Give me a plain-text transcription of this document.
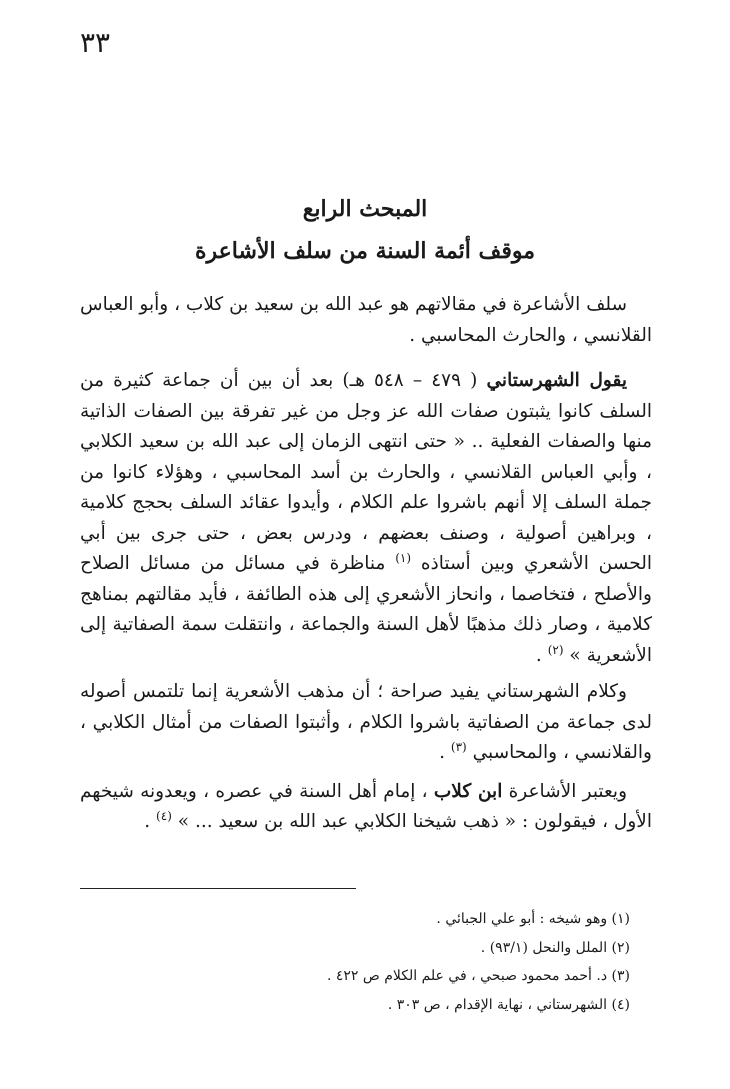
٣٣
المبحث الرابع
موقف أئمة السنة من سلف الأشاعرة

سلف الأشاعرة في مقالاتهم هو عبد الله بن سعيد بن كلاب ، وأبو العباس القلانسي ، والحارث المحاسبي .

يقول الشهرستاني ( ٤٧٩ – ٥٤٨ هـ) بعد أن بين أن جماعة كثيرة من السلف كانوا يثبتون صفات الله عز وجل من غير تفرقة بين الصفات الذاتية منها والصفات الفعلية .. « حتى انتهى الزمان إلى عبد الله بن سعيد الكلابي ، وأبي العباس القلانسي ، والحارث بن أسد المحاسبي ، وهؤلاء كانوا من جملة السلف إلا أنهم باشروا علم الكلام ، وأيدوا عقائد السلف بحجج كلامية ، وبراهين أصولية ، وصنف بعضهم ، ودرس بعض ، حتى جرى بين أبي الحسن الأشعري وبين أستاذه $^{(١)}$ مناظرة في مسائل من مسائل الصلاح والأصلح ، فتخاصما ، وانحاز الأشعري إلى هذه الطائفة ، فأيد مقالتهم بمناهج كلامية ، وصار ذلك مذهبًا لأهل السنة والجماعة ، وانتقلت سمة الصفاتية إلى الأشعرية » $^{(٢)}$ .

وكلام الشهرستاني يفيد صراحة ؛ أن مذهب الأشعرية إنما تلتمس أصوله لدى جماعة من الصفاتية باشروا الكلام ، وأثبتوا الصفات من أمثال الكلابي ، والقلانسي ، والمحاسبي $^{(٣)}$ .

ويعتبر الأشاعرة ابن كلاب ، إمام أهل السنة في عصره ، ويعدونه شيخهم الأول ، فيقولون : « ذهب شيخنا الكلابي عبد الله بن سعيد ... » $^{(٤)}$ .

(١) وهو شيخه : أبو علي الجبائي .
(٢) الملل والنحل (٩٣/١) .
(٣) د. أحمد محمود صبحي ، في علم الكلام ص ٤٢٢ .
(٤) الشهرستاني ، نهاية الإقدام ، ص ٣٠٣ .
